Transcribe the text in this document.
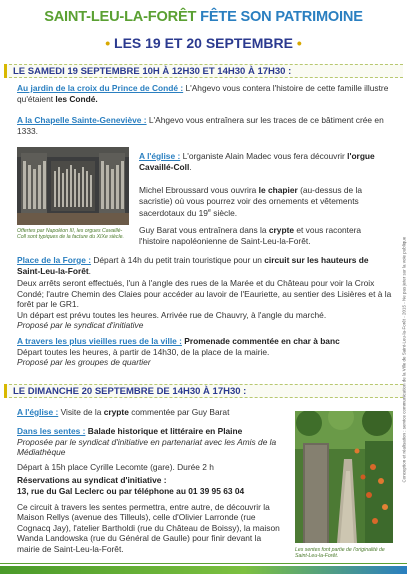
SAINT-LEU-LA-FORÊT FÊTE SON PATRIMOINE
• LES 19 ET 20 SEPTEMBRE •
LE SAMEDI 19 SEPTEMBRE 10H À 12H30 ET 14H30 À 17H30 :
Au jardin de la croix du Prince de Condé : L'Ahgevo vous contera l'histoire de cette famille illustre qu'étaient les Condé.
A la Chapelle Sainte-Geneviève : L'Ahgevo vous entraînera sur les traces de ce bâtiment crée en 1333.
Offertes par Napoléon III, les orgues Cavaillé-Coll sont typiques de la facture du XIXe siècle.
A l'église : L'organiste Alain Madec vous fera découvrir l'orgue Cavaillé-Coll.
Michel Ebroussard vous ouvrira le chapier (au-dessus de la sacristie) où vous pourrez voir des ornements et vêtements sacerdotaux du 19e siècle.
Guy Barat vous entraînera dans la crypte et vous racontera l'histoire napoléonienne de Saint-Leu-la-Forêt.
Place de la Forge : Départ à 14h du petit train touristique pour un circuit sur les hauteurs de Saint-Leu-la-Forêt.
Deux arrêts seront effectués, l'un à l'angle des rues de la Marée et du Château pour voir la Croix Condé; l'autre Chemin des Claies pour accéder au lavoir de l'Eauriette, au sentier des Lisières et à la forêt par le GR1.
Un départ est prévu toutes les heures. Arrivée rue de Chauvry, à l'angle du marché.
Proposé par le syndicat d'initiative
A travers les plus vieilles rues de la ville : Promenade commentée en char à banc
Départ toutes les heures, à partir de 14h30, de la place de la mairie.
Proposé par les groupes de quartier
LE DIMANCHE 20 SEPTEMBRE DE 14H30 À 17H30 :
A l'église : Visite de la crypte commentée par Guy Barat
Dans les sentes : Balade historique et littéraire en Plaine
Proposée par le syndicat d'initiative en partenariat avec les Amis de la Médiathèque
Départ à 15h place Cyrille Lecomte (gare). Durée 2 h
Réservations au syndicat d'initiative :
13, rue du Gal Leclerc ou par téléphone au 01 39 95 63 04
Ce circuit à travers les sentes permettra, entre autre, de découvrir la Maison Rellys (avenue des Tilleuls), celle d'Olivier Larronde (rue Cognacq Jay), l'atelier Bartholdi (rue du Château de Boissy), la maison Wanda Landowska (rue du Général de Gaulle) pour finir devant la mairie de Saint-Leu-la-Forêt.	Les sentes font partie de l'originalité de Saint-Leu-la-Forêt.
Conception et réalisation : service communication de la Ville de Saint-Leu-la-Forêt - 2015 - Ne pas jeter sur la voie publique
